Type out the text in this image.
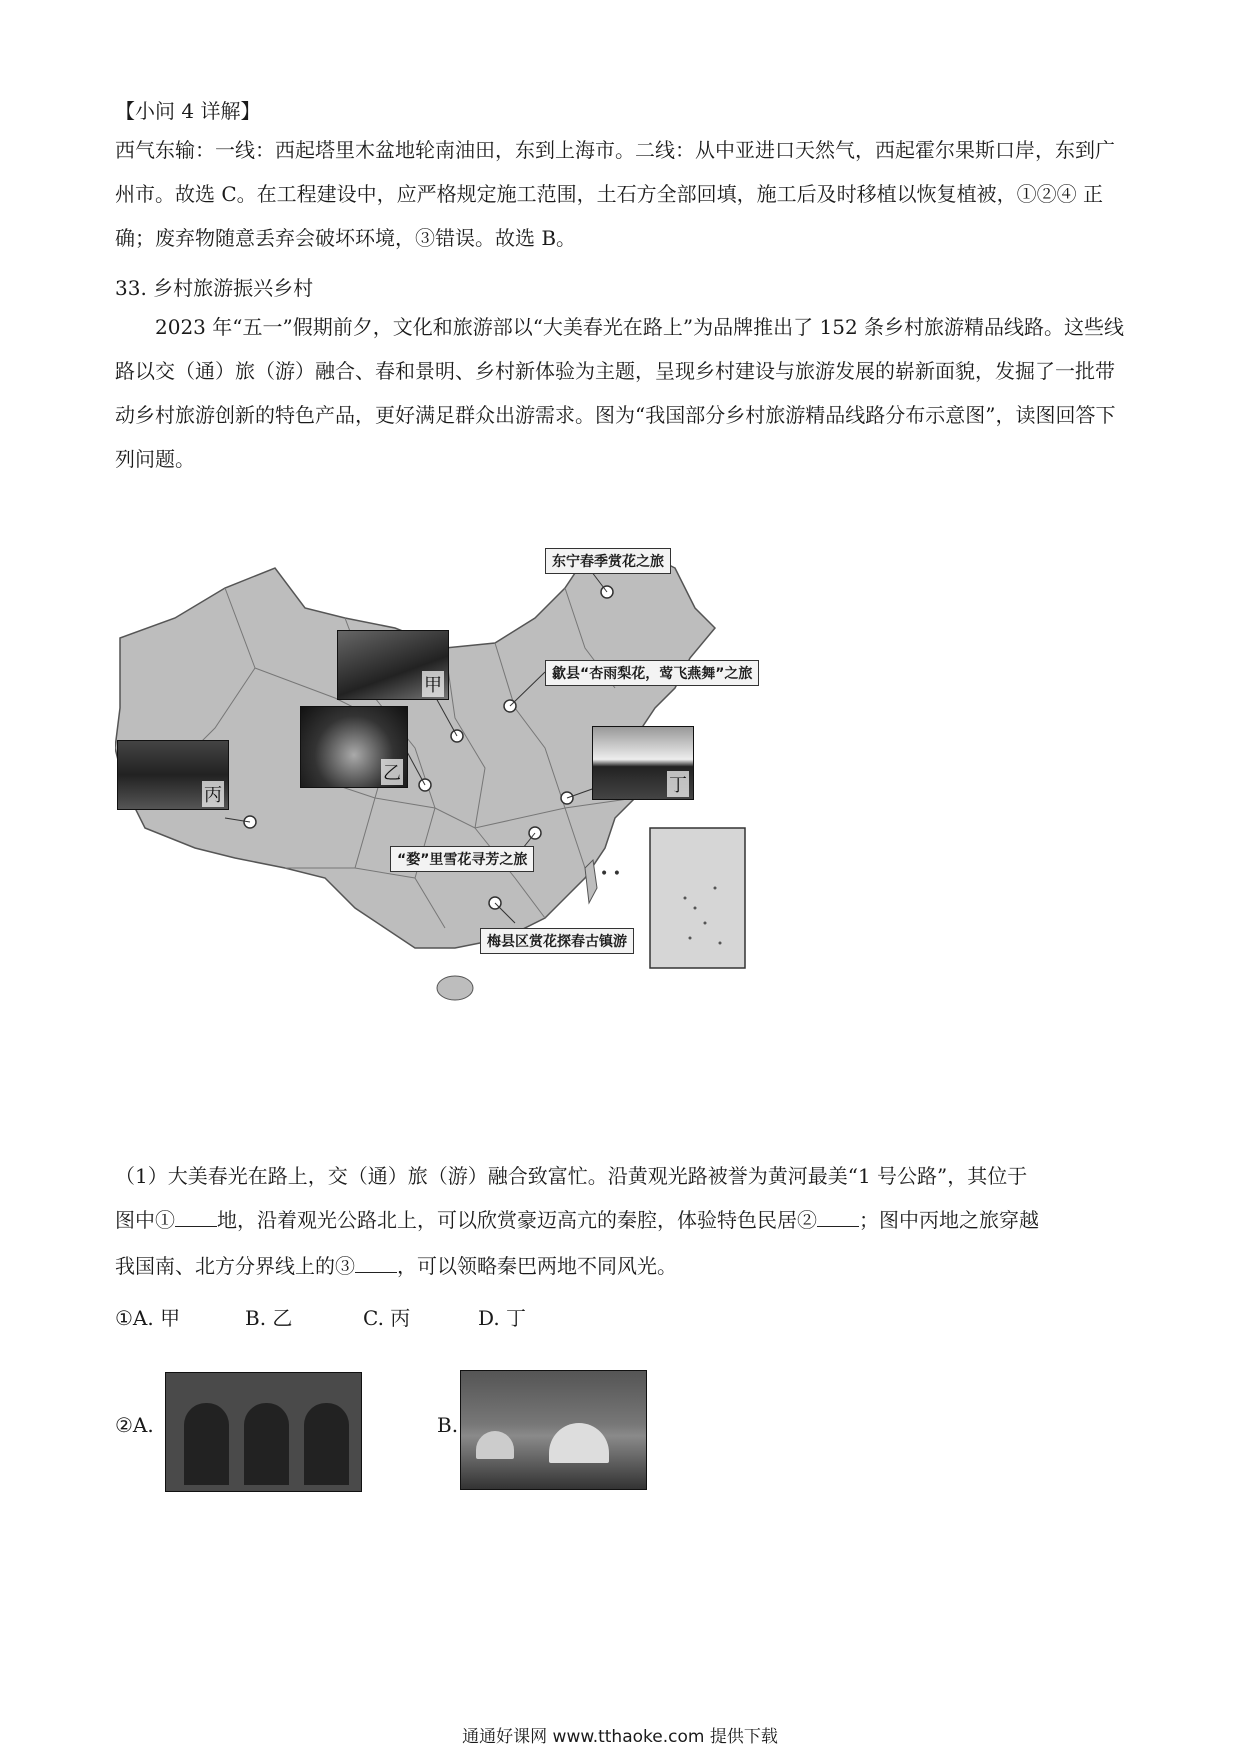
【小问 4 详解】
西气东输：一线：西起塔里木盆地轮南油田，东到上海市。二线：从中亚进口天然气，西起霍尔果斯口岸，东到广州市。故选 C。在工程建设中，应严格规定施工范围，土石方全部回填，施工后及时移植以恢复植被，①②④ 正确；废弃物随意丢弃会破坏环境，③错误。故选 B。
33. 乡村旅游振兴乡村
2023 年“五一”假期前夕，文化和旅游部以“大美春光在路上”为品牌推出了 152 条乡村旅游精品线路。这些线路以交（通）旅（游）融合、春和景明、乡村新体验为主题，呈现乡村建设与旅游发展的崭新面貌，发掘了一批带动乡村旅游创新的特色产品，更好满足群众出游需求。图为“我国部分乡村旅游精品线路分布示意图”，读图回答下列问题。
• •
东宁春季赏花之旅
歙县“杏雨梨花，莺飞燕舞”之旅
“婺”里雪花寻芳之旅
梅县区赏花探春古镇游
甲
乙
丙	丁
（1）大美春光在路上，交（通）旅（游）融合致富忙。沿黄观光路被誉为黄河最美“1 号公路”，其位于
图中① 地，沿着观光公路北上，可以欣赏豪迈高亢的秦腔，体验特色民居② ；图中丙地之旅穿越
我国南、北方分界线上的③ ，可以领略秦巴两地不同风光。
①A. 甲	B. 乙	C. 丙	D. 丁
②A.	B.
通通好课网 www.tthaoke.com 提供下载
